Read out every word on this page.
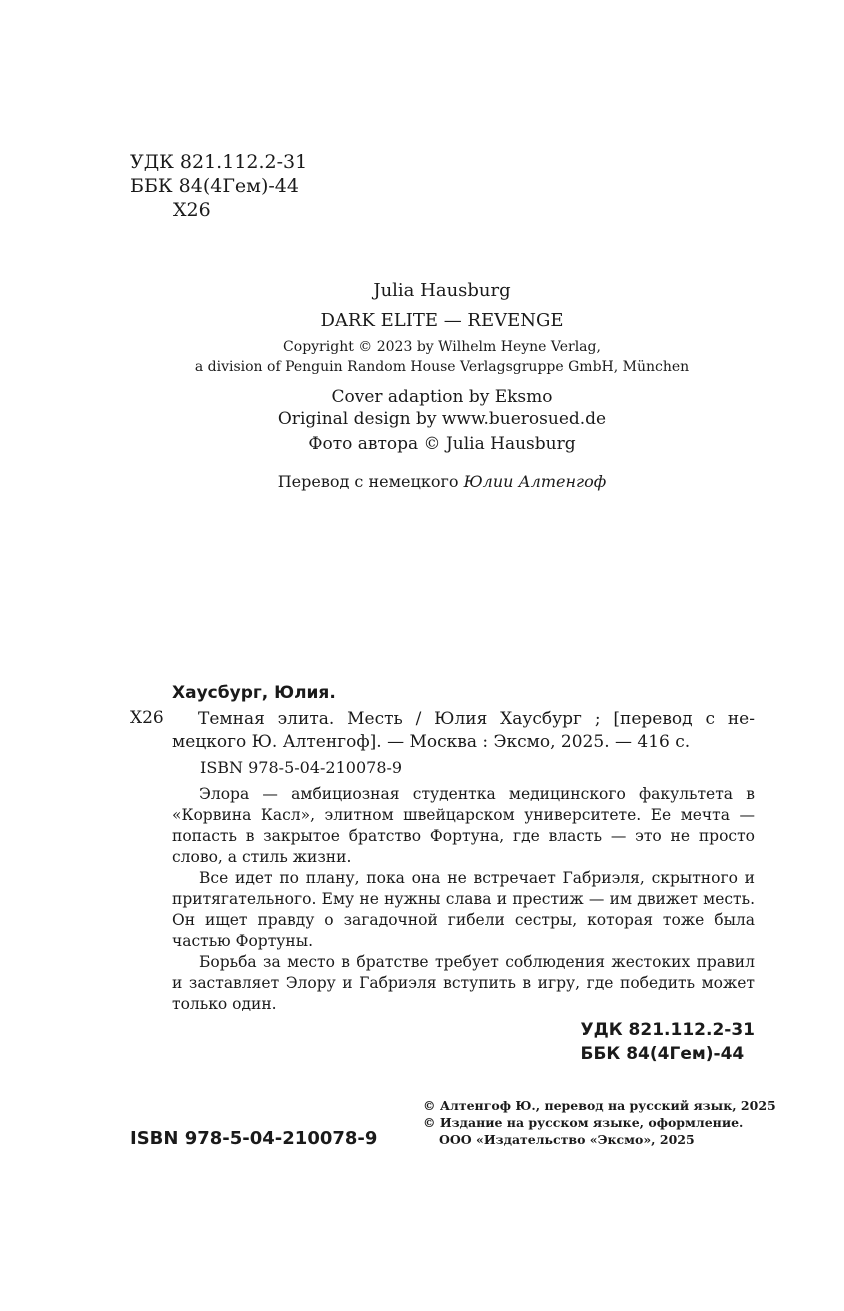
УДК 821.112.2-31
ББК 84(4Гем)-44
Х26
Julia Hausburg
DARK ELITE — REVENGE
Copyright © 2023 by Wilhelm Heyne Verlag,
a division of Penguin Random House Verlagsgruppe GmbH, München
Cover adaption by Eksmo
Original design by www.buerosued.de
Фото автора © Julia Hausburg
Перевод с немецкого Юлии Алтенгоф
Хаусбург, Юлия.
Х26 Темная элита. Месть / Юлия Хаусбург ; [перевод с не-
мецкого Ю. Алтенгоф]. — Москва : Эксмо, 2025. — 416 с.
ISBN 978-5-04-210078-9

Элора — амбициозная студентка медицинского факультета в «Корвина Касл», элитном швейцарском университете. Ее мечта — попасть в закрытое братство Фортуна, где власть — это не просто слово, а стиль жизни.

Все идет по плану, пока она не встречает Габриэля, скрытного и притягательного. Ему не нужны слава и престиж — им движет месть. Он ищет правду о загадочной гибели сестры, которая тоже была частью Фортуны.

Борьба за место в братстве требует соблюдения жестоких правил и заставляет Элору и Габриэля вступить в игру, где победить может только один.

УДК 821.112.2-31
ББК 84(4Гем)-44
ISBN 978-5-04-210078-9
© Алтенгоф Ю., перевод на русский язык, 2025
© Издание на русском языке, оформление.
ООО «Издательство «Эксмо», 2025
